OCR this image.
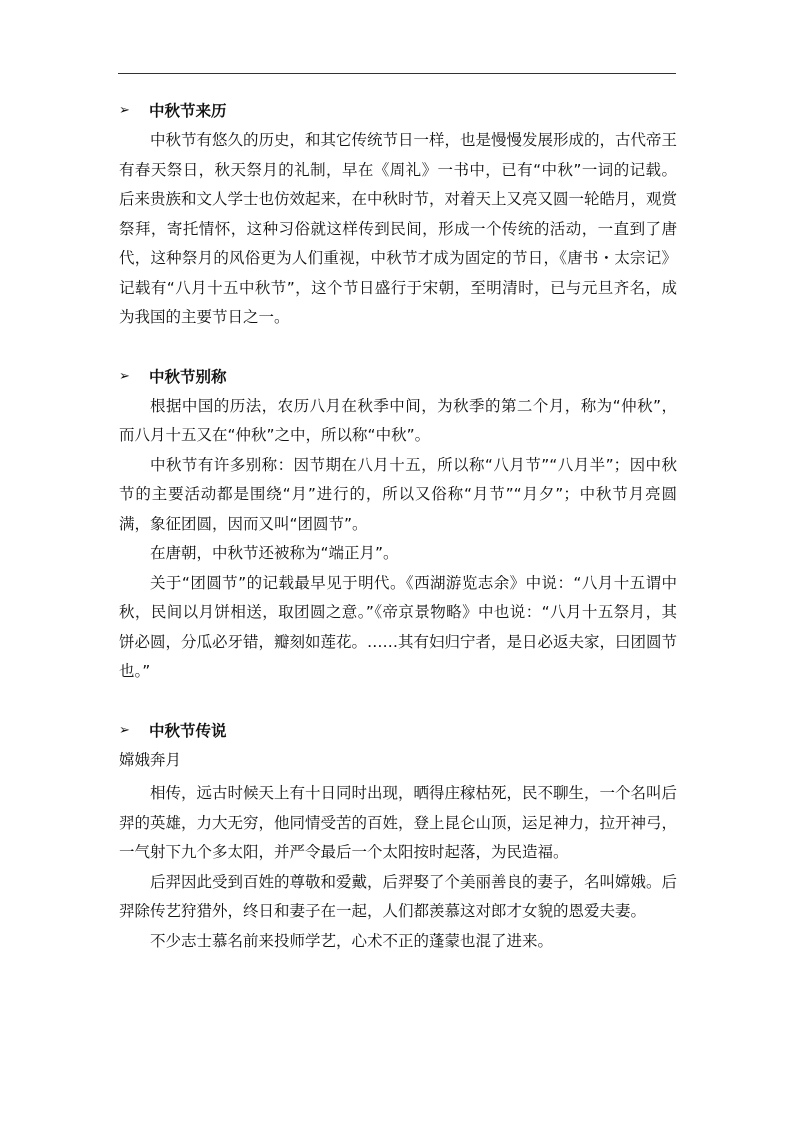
➢	中秋节来历

中秋节有悠久的历史，和其它传统节日一样，也是慢慢发展形成的，古代帝王有春天祭日，秋天祭月的礼制，早在《周礼》一书中，已有“中秋”一词的记载。后来贵族和文人学士也仿效起来，在中秋时节，对着天上又亮又圆一轮皓月，观赏祭拜，寄托情怀，这种习俗就这样传到民间，形成一个传统的活动，一直到了唐代，这种祭月的风俗更为人们重视，中秋节才成为固定的节日，《唐书・太宗记》记载有“八月十五中秋节”，这个节日盛行于宋朝，至明清时，已与元旦齐名，成为我国的主要节日之一。

➢	中秋节别称

根据中国的历法，农历八月在秋季中间，为秋季的第二个月，称为“仲秋”，而八月十五又在“仲秋”之中，所以称“中秋”。

中秋节有许多别称：因节期在八月十五，所以称“八月节”“八月半”；因中秋节的主要活动都是围绕“月”进行的，所以又俗称“月节”“月夕”；中秋节月亮圆满，象征团圆，因而又叫“团圆节”。

在唐朝，中秋节还被称为“端正月”。

关于“团圆节”的记载最早见于明代。《西湖游览志余》中说：“八月十五谓中秋，民间以月饼相送，取团圆之意。”《帝京景物略》中也说：“八月十五祭月，其饼必圆，分瓜必牙错，瓣刻如莲花。……其有妇归宁者，是日必返夫家，曰团圆节也。”

➢	中秋节传说

嫦娥奔月

相传，远古时候天上有十日同时出现，晒得庄稼枯死，民不聊生，一个名叫后羿的英雄，力大无穷，他同情受苦的百姓，登上昆仑山顶，运足神力，拉开神弓，一气射下九个多太阳，并严令最后一个太阳按时起落，为民造福。

后羿因此受到百姓的尊敬和爱戴，后羿娶了个美丽善良的妻子，名叫嫦娥。后羿除传艺狩猎外，终日和妻子在一起，人们都羡慕这对郎才女貌的恩爱夫妻。

不少志士慕名前来投师学艺，心术不正的蓬蒙也混了进来。
